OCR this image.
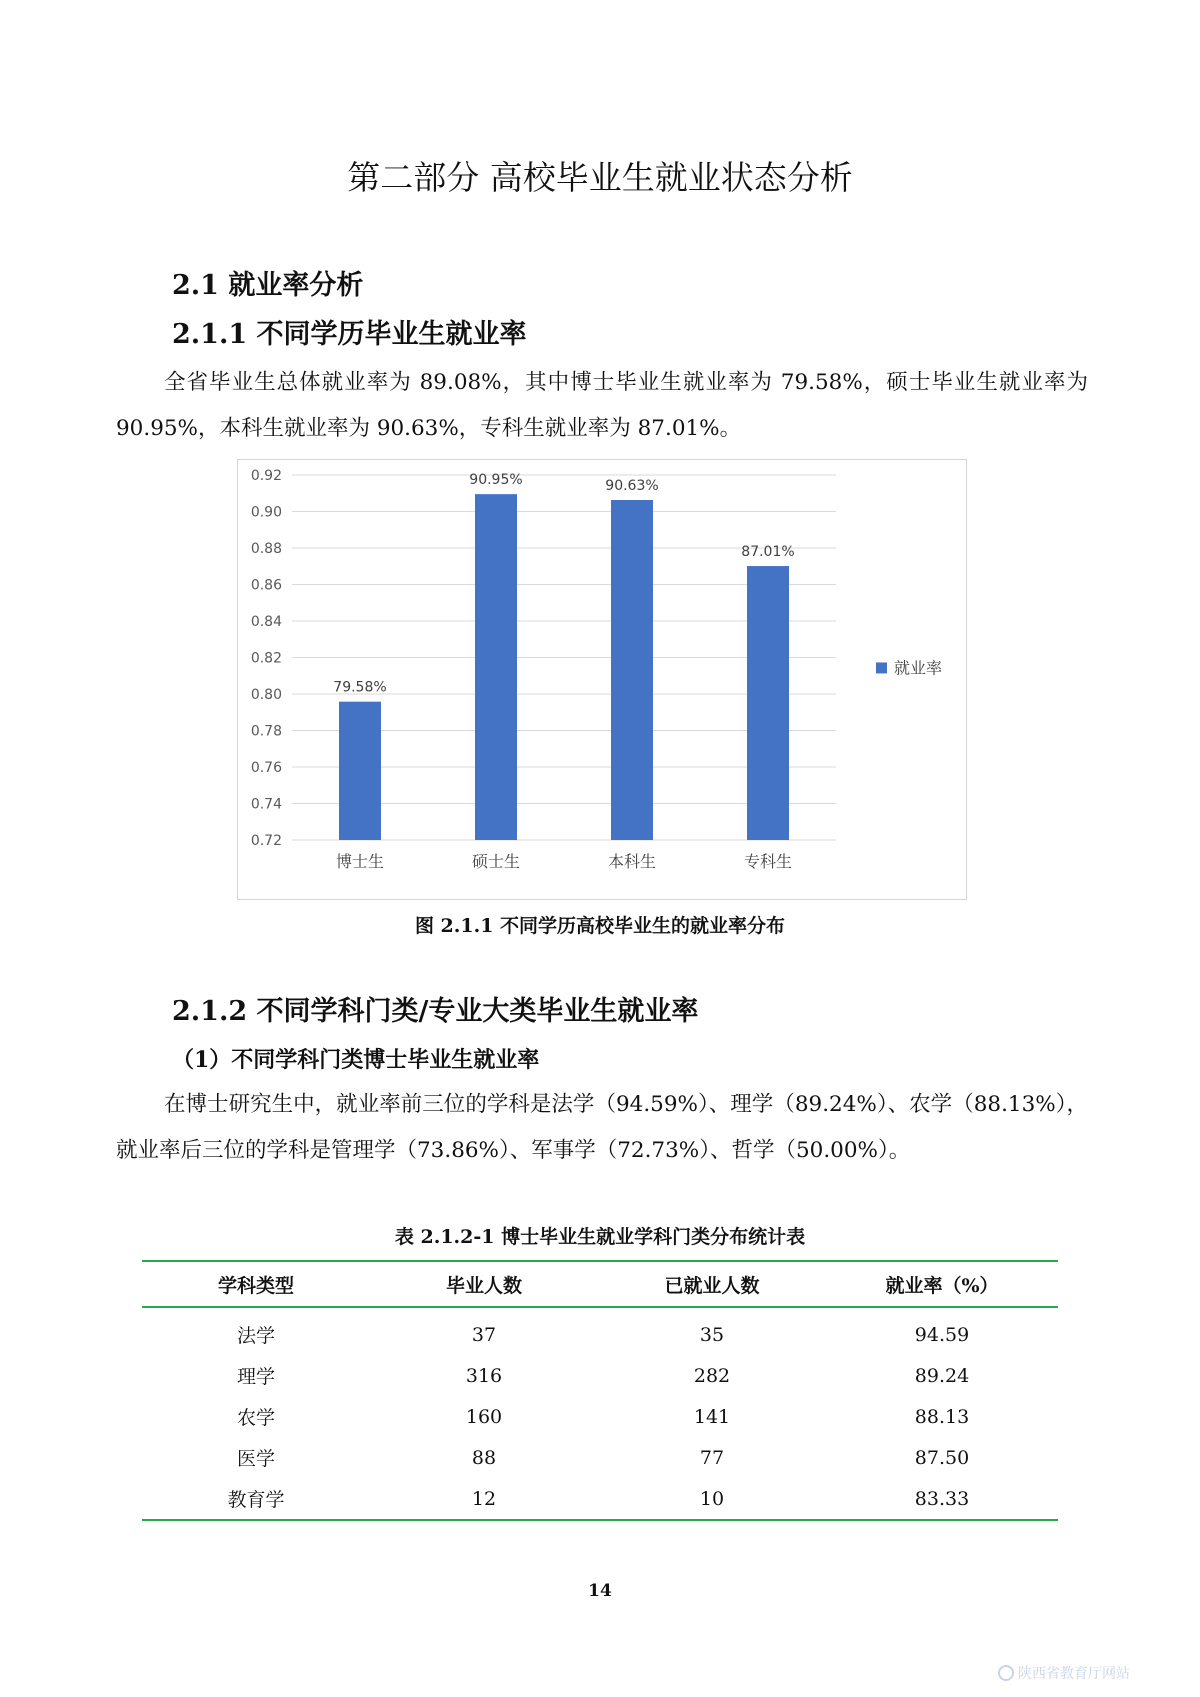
第二部分 高校毕业生就业状态分析
2.1 就业率分析
2.1.1 不同学历毕业生就业率
全省毕业生总体就业率为 89.08%，其中博士毕业生就业率为 79.58%，硕士毕业生就业率为 90.95%，本科生就业率为 90.63%，专科生就业率为 87.01%。
0.72
0.74
0.76
0.78
0.80
0.82
0.84
0.86
0.88
0.90
0.92
79.58%
博士生
90.95%
硕士生
90.63%
本科生
87.01%
专科生
就业率
图 2.1.1 不同学历高校毕业生的就业率分布
2.1.2 不同学科门类/专业大类毕业生就业率
（1）不同学科门类博士毕业生就业率
在博士研究生中，就业率前三位的学科是法学（94.59%）、理学（89.24%）、农学（88.13%），就业率后三位的学科是管理学（73.86%）、军事学（72.73%）、哲学（50.00%）。
表 2.1.2-1 博士毕业生就业学科门类分布统计表
学科类型	毕业人数	已就业人数	就业率（%）
法学	37	35	94.59
理学	316	282	89.24
农学	160	141	88.13
医学	88	77	87.50
教育学	12	10	83.33
14
陕西省教育厅网站
